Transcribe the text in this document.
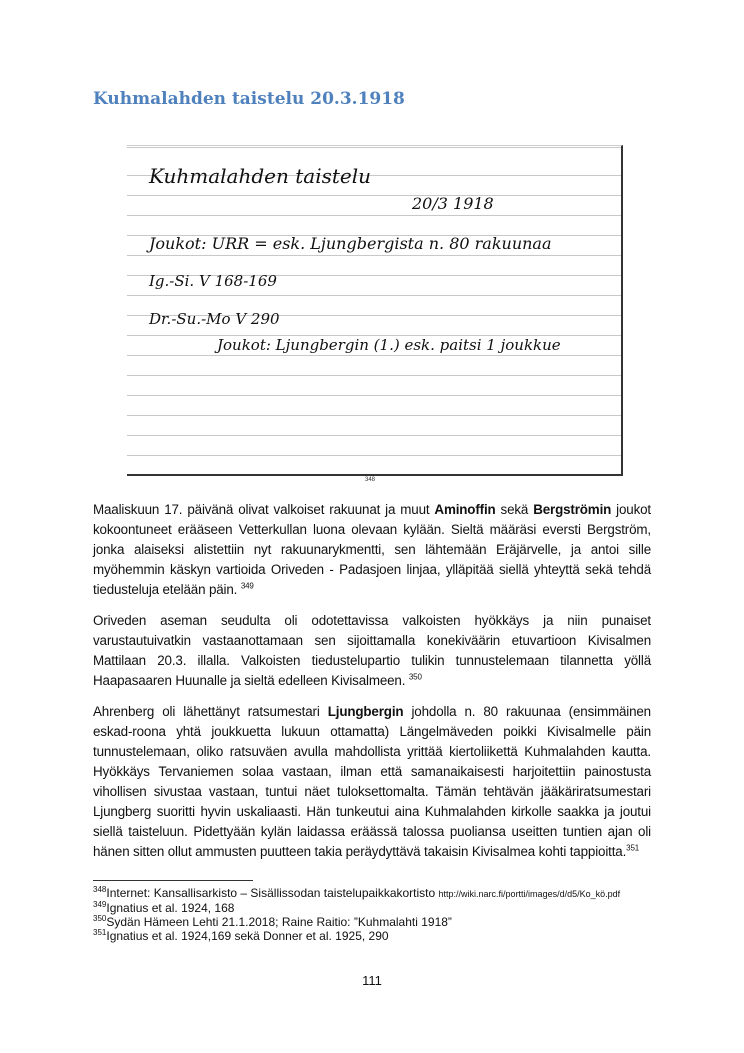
Kuhmalahden taistelu 20.3.1918
Kuhmalahden taistelu
20/3 1918
Joukot: URR = esk. Ljungbergista n. 80 rakuunaa
Ig.-Si. V 168-169
Dr.-Su.-Mo V 290
Joukot: Ljungbergin (1.) esk. paitsi 1 joukkue
348

Maaliskuun 17. päivänä olivat valkoiset rakuunat ja muut Aminoffin sekä Bergströmin joukot kokoontuneet erääseen Vetterkullan luona olevaan kylään. Sieltä määräsi eversti Bergström, jonka alaiseksi alistettiin nyt rakuunarykmentti, sen lähtemään Eräjärvelle, ja antoi sille myöhemmin käskyn vartioida Oriveden - Padasjoen linjaa, ylläpitää siellä yhteyttä sekä tehdä tiedusteluja etelään päin. $^{349}$

Oriveden aseman seudulta oli odotettavissa valkoisten hyökkäys ja niin punaiset varustautuivatkin vastaanottamaan sen sijoittamalla konekiväärin etuvartioon Kivisalmen Mattilaan 20.3. illalla. Valkoisten tiedustelupartio tulikin tunnustelemaan tilannetta yöllä Haapasaaren Huunalle ja sieltä edelleen Kivisalmeen. $^{350}$

Ahrenberg oli lähettänyt ratsumestari Ljungbergin johdolla n. 80 rakuunaa (ensimmäinen eskad-roona yhtä joukkuetta lukuun ottamatta) Längelmäveden poikki Kivisalmelle päin tunnustelemaan, oliko ratsuväen avulla mahdollista yrittää kiertoliikettä Kuhmalahden kautta. Hyökkäys Tervaniemen solaa vastaan, ilman että samanaikaisesti harjoitettiin painostusta vihollisen sivustaa vastaan, tuntui näet tuloksettomalta. Tämän tehtävän jääkäriratsumestari Ljungberg suoritti hyvin uskaliaasti. Hän tunkeutui aina Kuhmalahden kirkolle saakka ja joutui siellä taisteluun. Pidettyään kylän laidassa eräässä talossa puoliansa useitten tuntien ajan oli hänen sitten ollut ammusten puutteen takia peräydyttävä takaisin Kivisalmea kohti tappioitta.$^{351}$

$^{348}$Internet: Kansallisarkisto – Sisällissodan taistelupaikkakortisto http://wiki.narc.fi/portti/images/d/d5/Ko_kö.pdf
$^{349}$Ignatius et al. 1924, 168
$^{350}$Sydän Hämeen Lehti 21.1.2018; Raine Raitio: ”Kuhmalahti 1918”
$^{351}$Ignatius et al. 1924,169 sekä Donner et al. 1925, 290
111
